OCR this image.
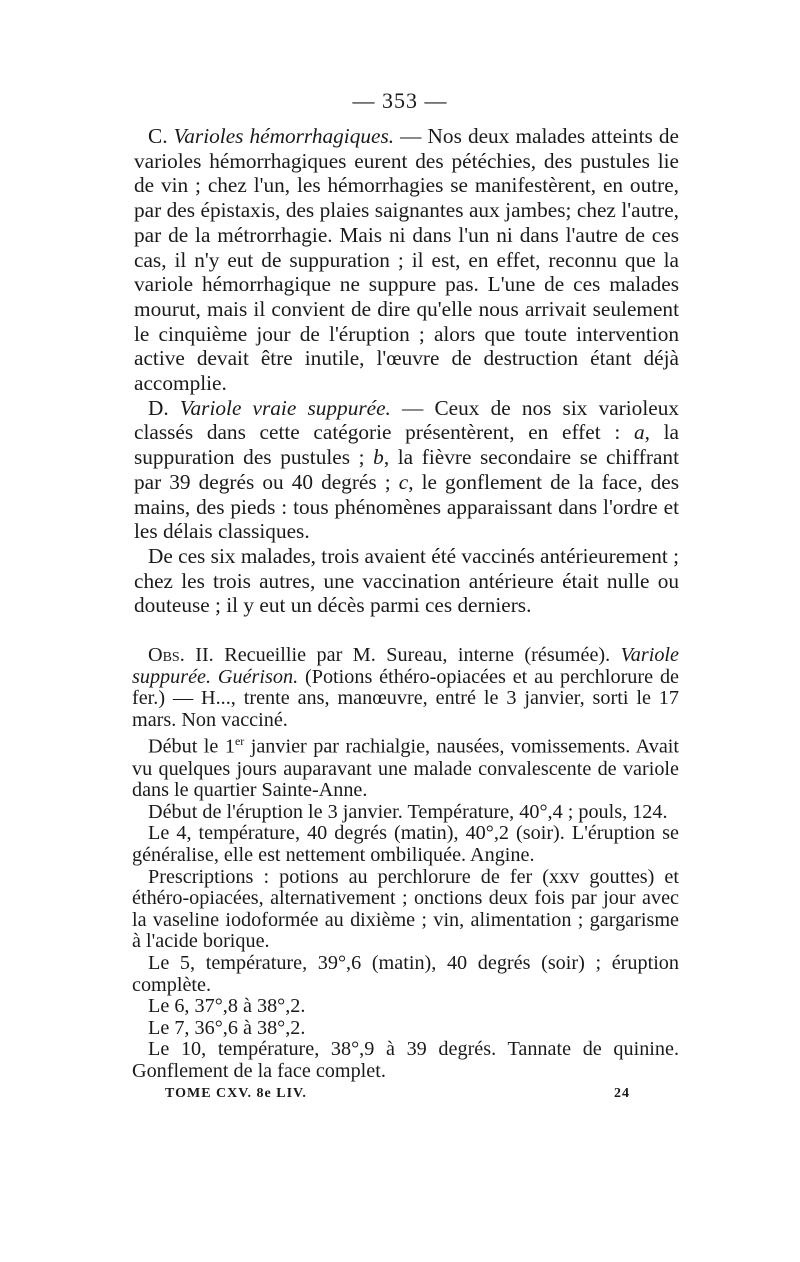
— 353 —

C. Varioles hémorrhagiques. — Nos deux malades atteints de varioles hémorrhagiques eurent des pétéchies, des pustules lie de vin ; chez l'un, les hémorrhagies se manifestèrent, en outre, par des épistaxis, des plaies saignantes aux jambes; chez l'autre, par de la métrorrhagie. Mais ni dans l'un ni dans l'autre de ces cas, il n'y eut de suppuration ; il est, en effet, reconnu que la variole hémorrhagique ne suppure pas. L'une de ces malades mourut, mais il convient de dire qu'elle nous arrivait seulement le cinquième jour de l'éruption ; alors que toute intervention active devait être inutile, l'œuvre de destruction étant déjà accomplie.

D. Variole vraie suppurée. — Ceux de nos six varioleux classés dans cette catégorie présentèrent, en effet : a, la suppuration des pustules ; b, la fièvre secondaire se chiffrant par 39 degrés ou 40 degrés ; c, le gonflement de la face, des mains, des pieds : tous phénomènes apparaissant dans l'ordre et les délais classiques.

De ces six malades, trois avaient été vaccinés antérieurement ; chez les trois autres, une vaccination antérieure était nulle ou douteuse ; il y eut un décès parmi ces derniers.

Obs. II. Recueillie par M. Sureau, interne (résumée). Variole suppurée. Guérison. (Potions éthéro-opiacées et au perchlorure de fer.) — H..., trente ans, manœuvre, entré le 3 janvier, sorti le 17 mars. Non vacciné.

Début le 1er janvier par rachialgie, nausées, vomissements. Avait vu quelques jours auparavant une malade convalescente de variole dans le quartier Sainte-Anne.

Début de l'éruption le 3 janvier. Température, 40°,4 ; pouls, 124.

Le 4, température, 40 degrés (matin), 40°,2 (soir). L'éruption se généralise, elle est nettement ombiliquée. Angine.

Prescriptions : potions au perchlorure de fer (xxv gouttes) et éthéro-opiacées, alternativement ; onctions deux fois par jour avec la vaseline iodoformée au dixième ; vin, alimentation ; gargarisme à l'acide borique.

Le 5, température, 39°,6 (matin), 40 degrés (soir) ; éruption complète.

Le 6, 37°,8 à 38°,2.

Le 7, 36°,6 à 38°,2.

Le 10, température, 38°,9 à 39 degrés. Tannate de quinine. Gonflement de la face complet.

TOME CXV. 8e LIV.	24
